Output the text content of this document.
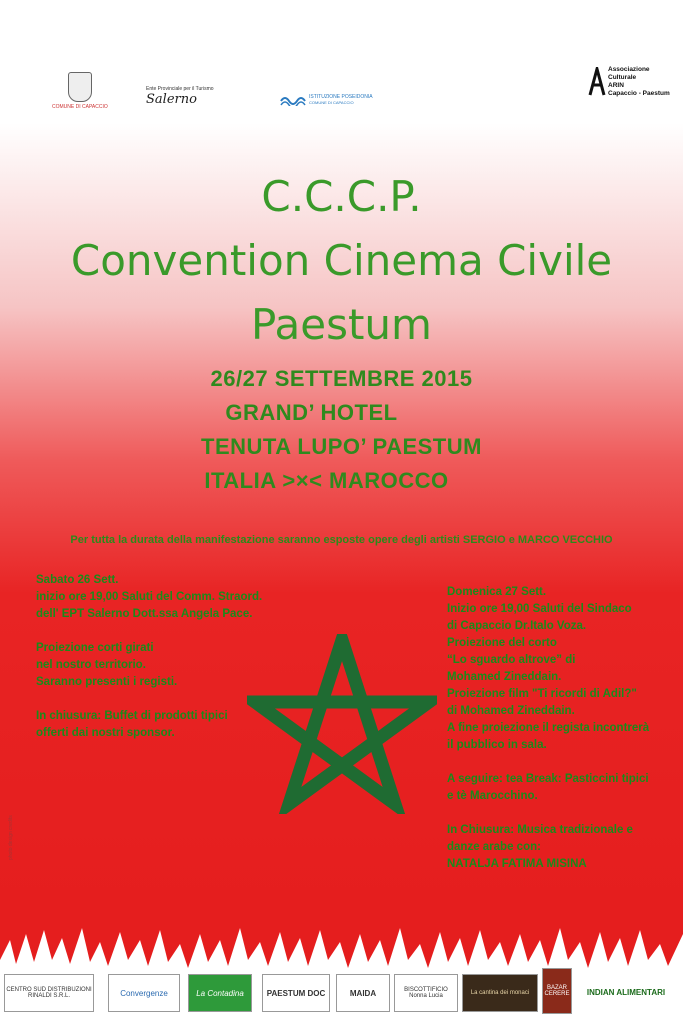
COMUNE DI CAPACCIO
Ente Provinciale per il Turismo
Salerno	ISTITUZIONE POSEIDONIA
COMUNE DI CAPACCIO
Associazione
Culturale
ARIN
Capaccio - Paestum
C.C.C.P.
Convention Cinema Civile
Paestum
26/27 SETTEMBRE 2015
GRAND’ HOTEL
TENUTA LUPO’ PAESTUM
ITALIA >×< MAROCCO
Per tutta la durata della manifestazione saranno esposte opere degli artisti SERGIO e MARCO VECCHIO
Sabato 26 Sett.
inizio ore 19,00 Saluti del Comm. Straord.
dell' EPT Salerno Dott.ssa Angela Pace.
Proiezione corti girati
nel nostro territorio.
Saranno presenti i registi.
In chiusura: Buffet di prodotti tipici
offerti dai nostri sponsor.
Domenica 27 Sett.
Inizio ore 19,00 Saluti del Sindaco
di Capaccio Dr.Italo Voza.
Proiezione del corto
“Lo sguardo altrove” di
Mohamed Zineddain.
Proiezione film "Ti ricordi di Adil?"
di Mohamed Zineddain.
A fine proiezione il regista incontrerà
il pubblico in sala.
A seguire: tea Break: Pasticcini tipici
e tè Marocchino.
In Chiusura: Musica tradizionale e
danze arabe con:
NATALJA FATIMA MISINA
photo design credits
CENTRO SUD DISTRIBUZIONI RINALDI S.R.L.	Convergenze	La Contadina	PAESTUM DOC	MAIDA	BISCOTTIFICIO Nonna Lucia	La cantina dei monaci
BAZAR CERERE INDIAN ALIMENTARI
